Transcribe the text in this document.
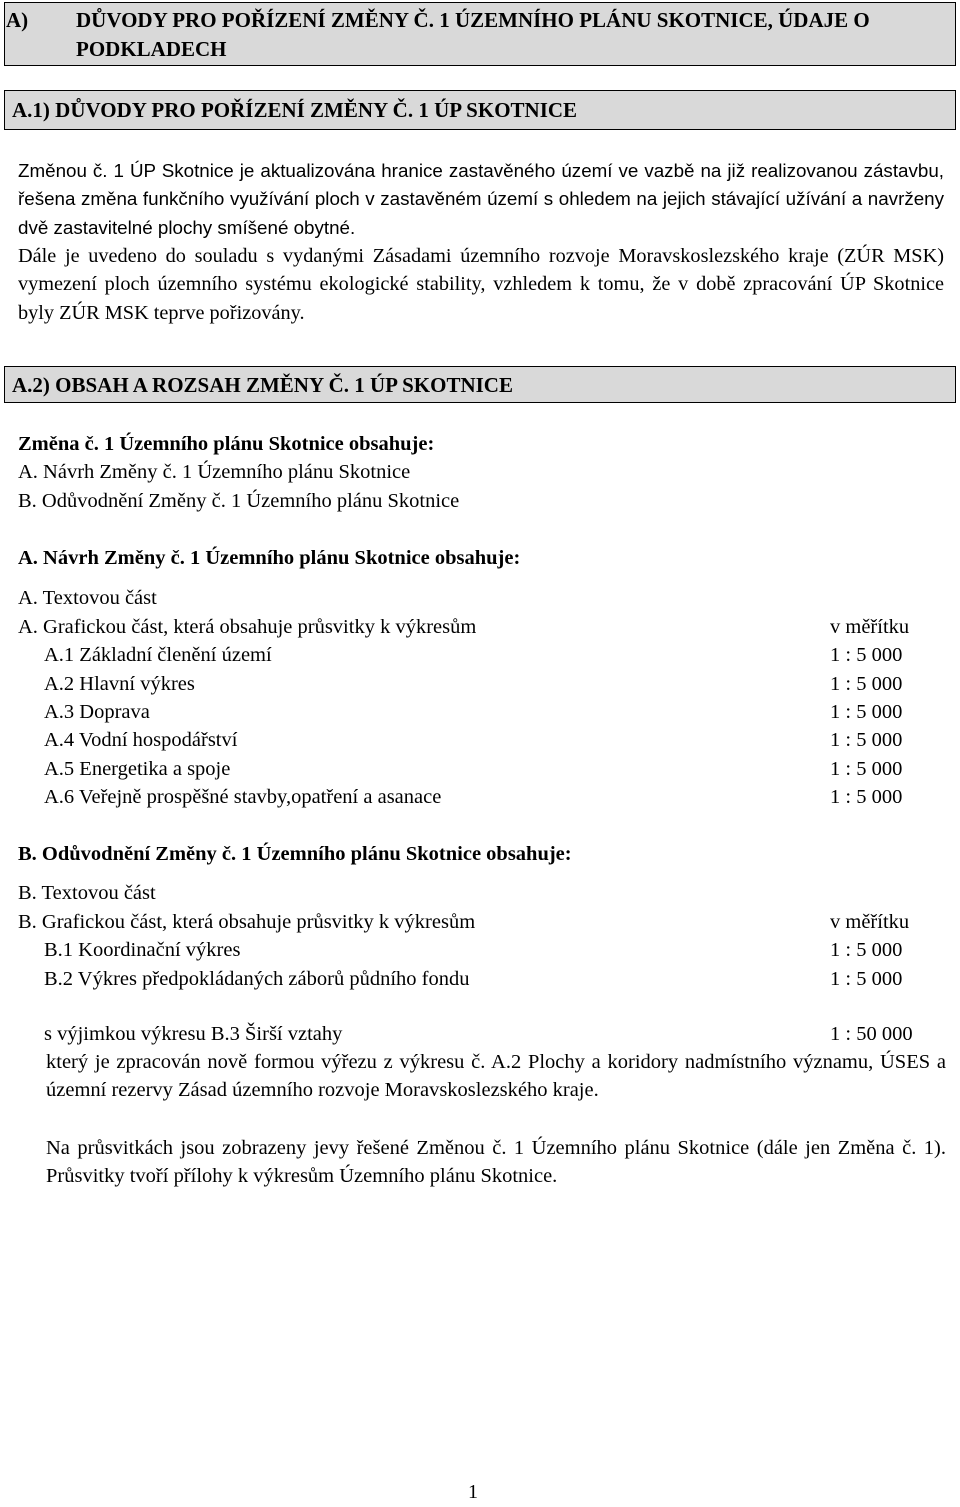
A)	DŮVODY PRO POŘÍZENÍ ZMĚNY Č. 1 ÚZEMNÍHO PLÁNU SKOTNICE, ÚDAJE O PODKLADECH
A.1) DŮVODY PRO POŘÍZENÍ ZMĚNY Č. 1 ÚP SKOTNICE
Změnou č. 1 ÚP Skotnice je aktualizována hranice zastavěného území ve vazbě na již realizovanou zástavbu, řešena změna funkčního využívání ploch v zastavěném území s ohledem na jejich stávající užívání a navrženy dvě zastavitelné plochy smíšené obytné.
Dále je uvedeno do souladu s vydanými Zásadami územního rozvoje Moravskoslezského kraje (ZÚR MSK) vymezení ploch územního systému ekologické stability, vzhledem k tomu, že v době zpracování ÚP Skotnice byly ZÚR MSK teprve pořizovány.
A.2) OBSAH A ROZSAH ZMĚNY Č. 1 ÚP SKOTNICE
Změna č. 1 Územního plánu Skotnice obsahuje:
A. Návrh Změny č. 1 Územního plánu Skotnice
B. Odůvodnění Změny č. 1 Územního plánu Skotnice
A. Návrh Změny č. 1 Územního plánu Skotnice obsahuje:
A. Textovou část
A. Grafickou část, která obsahuje průsvitky k výkresům	v měřítku
A.1 Základní členění území	1 : 5 000
A.2 Hlavní výkres	1 : 5 000
A.3 Doprava	1 : 5 000
A.4 Vodní hospodářství	1 : 5 000
A.5 Energetika a spoje	1 : 5 000
A.6 Veřejně prospěšné stavby,opatření a asanace	1 : 5 000
B. Odůvodnění Změny č. 1 Územního plánu Skotnice obsahuje:
B. Textovou část
B. Grafickou část, která obsahuje průsvitky k výkresům	v měřítku
B.1 Koordinační výkres	1 : 5 000
B.2 Výkres předpokládaných záborů půdního fondu	1 : 5 000
s výjimkou výkresu B.3 Širší vztahy	1 : 50 000
který je zpracován nově formou výřezu z výkresu č. A.2 Plochy a koridory nadmístního významu, ÚSES a územní rezervy Zásad územního rozvoje Moravskoslezského kraje.
Na průsvitkách jsou zobrazeny jevy řešené Změnou č. 1 Územního plánu Skotnice (dále jen Změna č. 1). Průsvitky tvoří přílohy k výkresům Územního plánu Skotnice.
1
